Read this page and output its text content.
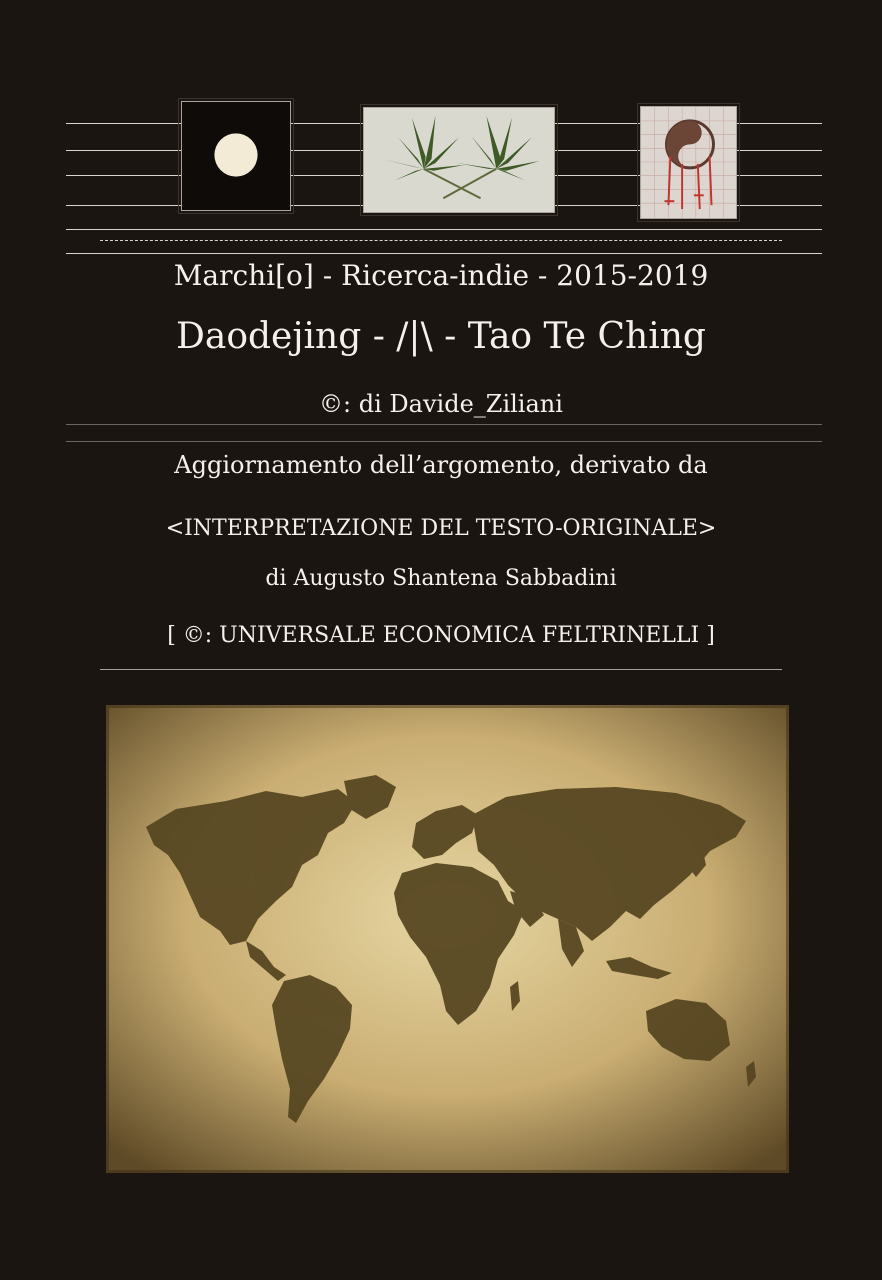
Marchi[o] - Ricerca-indie - 2015-2019
Daodejing - /|\ - Tao Te Ching
©: di Davide_Ziliani
Aggiornamento dell’argomento, derivato da
<INTERPRETAZIONE DEL TESTO-ORIGINALE>
di Augusto Shantena Sabbadini
[ ©: UNIVERSALE ECONOMICA FELTRINELLI ]
